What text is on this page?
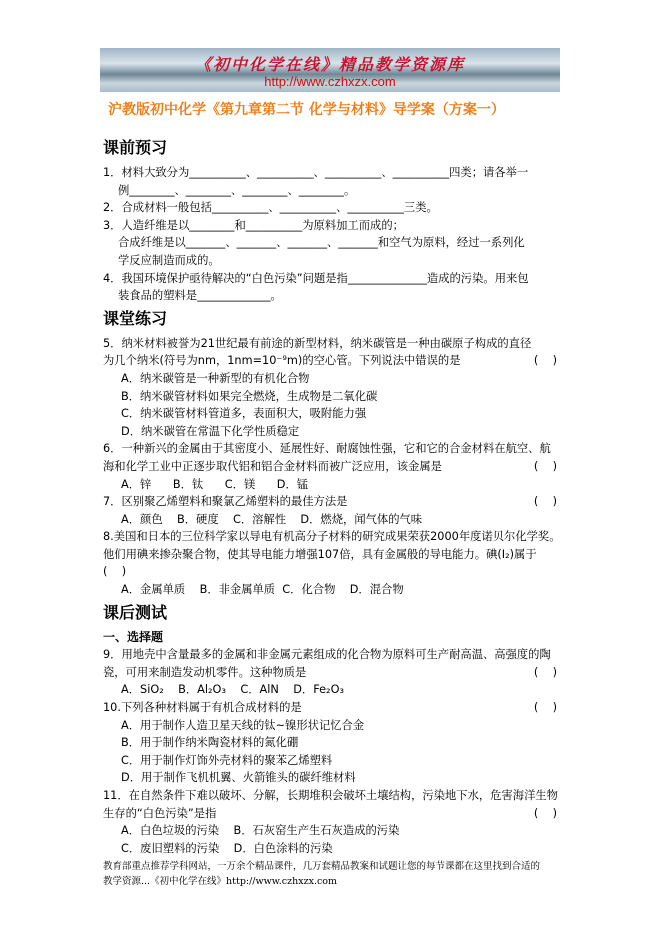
《初中化学在线》精品教学资源库
http://www.czhxzx.com
沪教版初中化学《第九章第二节 化学与材料》导学案（方案一）
课前预习
1．材料大致分为__________、__________、__________、__________四类；请各举一
例________、________、________、________。
2．合成材料一般包括__________、__________、__________三类。
3．人造纤维是以________和__________为原料加工而成的；
合成纤维是以_______、_______、_______、_______和空气为原料，经过一系列化
学反应制造而成的。
4．我国环境保护亟待解决的“白色污染”问题是指______________造成的污染。用来包
装食品的塑料是_____________。
课堂练习
5．纳米材料被誉为21世纪最有前途的新型材料，纳米碳管是一种由碳原子构成的直径
为几个纳米(符号为nm，1nm=10⁻⁹m)的空心管。下列说法中错误的是	(    )
A．纳米碳管是一种新型的有机化合物
B．纳米碳管材料如果完全燃烧，生成物是二氧化碳
C．纳米碳管材料管道多，表面积大，吸附能力强
D．纳米碳管在常温下化学性质稳定
6．一种新兴的金属由于其密度小、延展性好、耐腐蚀性强，它和它的合金材料在航空、航
海和化学工业中正逐步取代铝和铝合金材料而被广泛应用，该金属是	(    )
A．锌      B．钛      C．镁      D．锰
7．区别聚乙烯塑料和聚氯乙烯塑料的最佳方法是	(    )
A．颜色    B．硬度    C．溶解性    D．燃烧，闻气体的气味
8.美国和日本的三位科学家以导电有机高分子材料的研究成果荣获2000年度诺贝尔化学奖。
他们用碘来掺杂聚合物，使其导电能力增强107倍，具有金属般的导电能力。碘(I₂)属于
(    )
A．金属单质    B．非金属单质  C．化合物    D．混合物
课后测试
一、选择题
9．用地壳中含量最多的金属和非金属元素组成的化合物为原料可生产耐高温、高强度的陶
瓷，可用来制造发动机零件。这种物质是	(    )
A．SiO₂    B．Al₂O₃    C．AlN    D．Fe₂O₃
10.下列各种材料属于有机合成材料的是	(    )
A．用于制作人造卫星天线的钛~镍形状记忆合金
B．用于制作纳米陶瓷材料的氮化硼
C．用于制作灯饰外壳材料的聚苯乙烯塑料
D．用于制作飞机机翼、火箭锥头的碳纤维材料
11．在自然条件下难以破坏、分解，长期堆积会破坏土壤结构，污染地下水，危害海洋生物
生存的“白色污染”是指	(    )
A．白色垃圾的污染    B．石灰窑生产生石灰造成的污染
C．废旧塑料的污染    D．白色涂料的污染
教育部重点推荐学科网站，一万余个精品课件，几万套精品教案和试题让您的每节课都在这里找到合适的
教学资源...《初中化学在线》http://www.czhxzx.com
